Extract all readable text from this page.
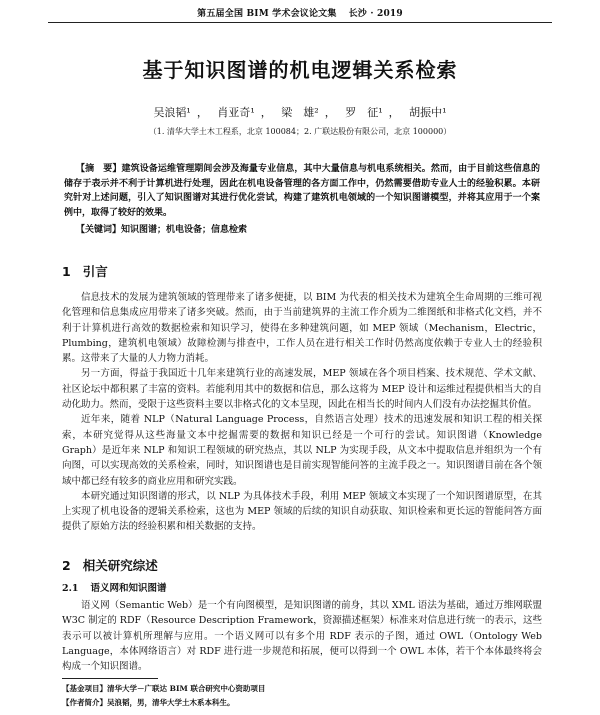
第五届全国 BIM 学术会议论文集 长沙 · 2019
基于知识图谱的机电逻辑关系检索
吴浪韬¹ ， 肖亚奇¹ ， 梁　雄² ， 罗　征¹ ， 胡振中¹
（1. 清华大学土木工程系，北京 100084；2. 广联达股份有限公司，北京 100000）

【摘　要】建筑设备运维管理期间会涉及海量专业信息，其中大量信息与机电系统相关。然而，由于目前这些信息的储存于表示并不利于计算机进行处理，因此在机电设备管理的各方面工作中，仍然需要借助专业人士的经验积累。本研究针对上述问题，引入了知识图谱对其进行优化尝试，构建了建筑机电领域的一个知识图谱模型，并将其应用于一个案例中，取得了较好的效果。

【关键词】知识图谱；机电设备；信息检索
1 引言

信息技术的发展为建筑领域的管理带来了诸多便捷，以 BIM 为代表的相关技术为建筑全生命周期的三维可视化管理和信息集成应用带来了诸多突破。然而，由于当前建筑界的主流工作介质为二维图纸和非格式化文档，并不利于计算机进行高效的数据检索和知识学习，使得在多种建筑问题，如 MEP 领域（Mechanism，Electric，Plumbing，建筑机电领域）故障检测与排查中，工作人员在进行相关工作时仍然高度依赖于专业人士的经验积累。这带来了大量的人力物力消耗。

另一方面，得益于我国近十几年来建筑行业的高速发展，MEP 领域在各个项目档案、技术规范、学术文献、社区论坛中都积累了丰富的资料。若能利用其中的数据和信息，那么这将为 MEP 设计和运维过程提供相当大的自动化助力。然而，受限于这些资料主要以非格式化的文本呈现，因此在相当长的时间内人们没有办法挖掘其价值。

近年来，随着 NLP（Natural Language Process，自然语言处理）技术的迅速发展和知识工程的相关探索，本研究觉得从这些海量文本中挖掘需要的数据和知识已经是一个可行的尝试。知识图谱（Knowledge Graph）是近年来 NLP 和知识工程领域的研究热点，其以 NLP 为实现手段，从文本中提取信息并组织为一个有向图，可以实现高效的关系检索，同时，知识图谱也是目前实现智能问答的主流手段之一。知识图谱目前在各个领域中都已经有较多的商业应用和研究实践。

本研究通过知识图谱的形式，以 NLP 为具体技术手段，利用 MEP 领域文本实现了一个知识图谱原型，在其上实现了机电设备的逻辑关系检索，这也为 MEP 领域的后续的知识自动获取、知识检索和更长远的智能问答方面提供了原始方法的经验积累和相关数据的支持。

2 相关研究综述
2.1 语义网和知识图谱

语义网（Semantic Web）是一个有向图模型，是知识图谱的前身，其以 XML 语法为基础，通过万维网联盟 W3C 制定的 RDF（Resource Description Framework，资源描述框架）标准来对信息进行统一的表示，这些表示可以被计算机所理解与应用。一个语义网可以有多个用 RDF 表示的子图，通过 OWL（Ontology Web Language，本体网络语言）对 RDF 进行进一步规范和拓展，便可以得到一个 OWL 本体，若干个本体最终将会构成一个知识图谱。

【基金项目】清华大学－广联达 BIM 联合研究中心资助项目
【作者简介】吴浪韬，男，清华大学土木系本科生。
